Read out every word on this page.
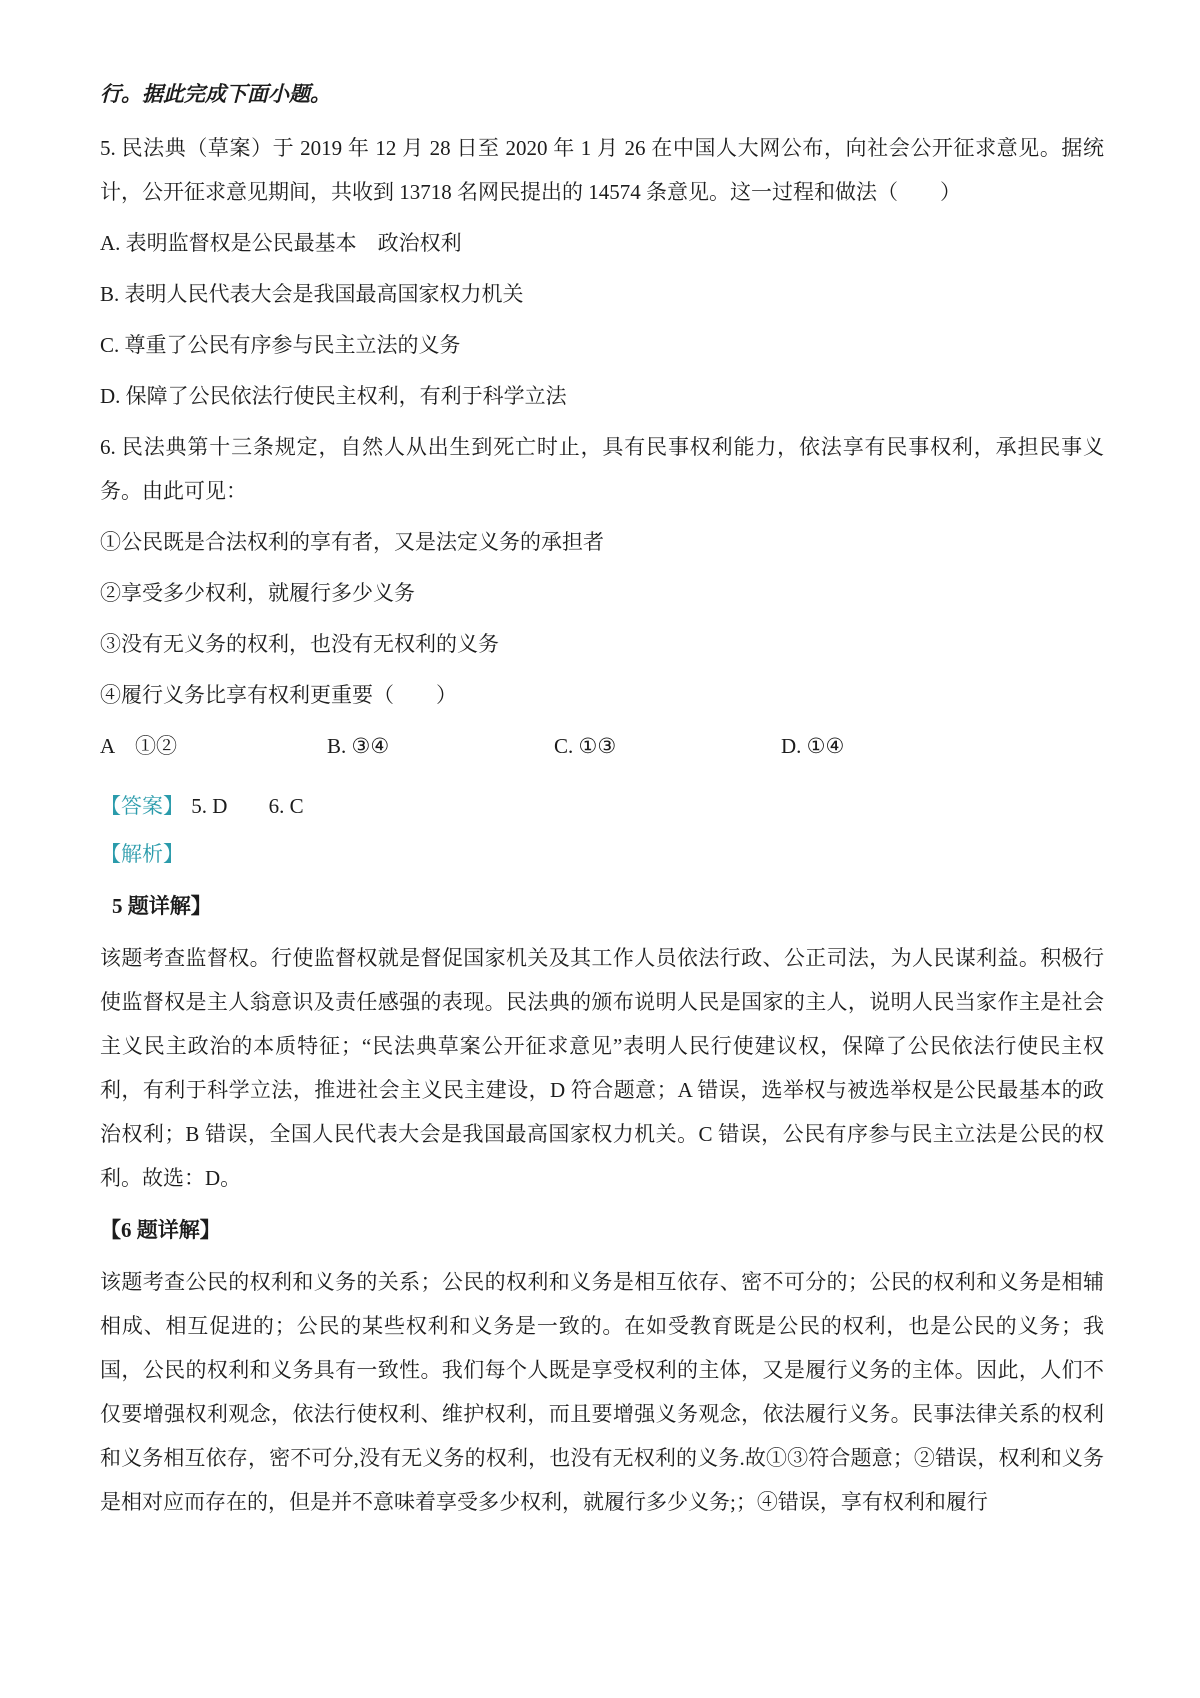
行。据此完成下面小题。

5. 民法典（草案）于 2019 年 12 月 28 日至 2020 年 1 月 26 在中国人大网公布，向社会公开征求意见。据统计，公开征求意见期间，共收到 13718 名网民提出的 14574 条意见。这一过程和做法（　　）

A. 表明监督权是公民最基本　政治权利

B. 表明人民代表大会是我国最高国家权力机关

C. 尊重了公民有序参与民主立法的义务

D. 保障了公民依法行使民主权利，有利于科学立法

6. 民法典第十三条规定，自然人从出生到死亡时止，具有民事权利能力，依法享有民事权利，承担民事义务。由此可见：

①公民既是合法权利的享有者，又是法定义务的承担者

②享受多少权利，就履行多少义务

③没有无义务的权利，也没有无权利的义务

④履行义务比享有权利更重要（　　）

A　①②	B. ③④	C. ①③	D. ①④

【答案】 5. D 6. C

【解析】

5 题详解】

该题考查监督权。行使监督权就是督促国家机关及其工作人员依法行政、公正司法，为人民谋利益。积极行使监督权是主人翁意识及责任感强的表现。民法典的颁布说明人民是国家的主人，说明人民当家作主是社会主义民主政治的本质特征；“民法典草案公开征求意见”表明人民行使建议权，保障了公民依法行使民主权利，有利于科学立法，推进社会主义民主建设，D 符合题意；A 错误，选举权与被选举权是公民最基本的政治权利；B 错误，全国人民代表大会是我国最高国家权力机关。C 错误，公民有序参与民主立法是公民的权利。故选：D。

【6 题详解】

该题考查公民的权利和义务的关系；公民的权利和义务是相互依存、密不可分的；公民的权利和义务是相辅相成、相互促进的；公民的某些权利和义务是一致的。在如受教育既是公民的权利，也是公民的义务；我国，公民的权利和义务具有一致性。我们每个人既是享受权利的主体，又是履行义务的主体。因此，人们不仅要增强权利观念，依法行使权利、维护权利，而且要增强义务观念，依法履行义务。民事法律关系的权利和义务相互依存，密不可分,没有无义务的权利，也没有无权利的义务.故①③符合题意；②错误，权利和义务是相对应而存在的，但是并不意味着享受多少权利，就履行多少义务;；④错误，享有权利和履行
